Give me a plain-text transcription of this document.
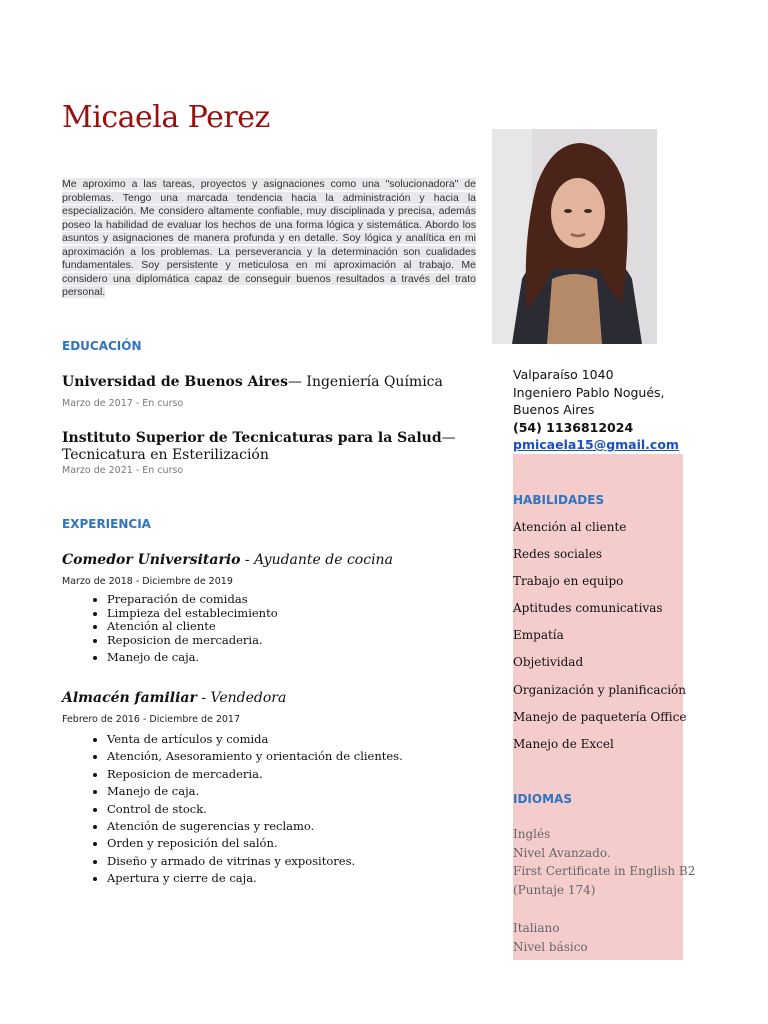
Micaela Perez

Me aproximo a las tareas, proyectos y asignaciones como una "solucionadora" de problemas. Tengo una marcada tendencia hacia la administración y hacia la especialización. Me considero altamente confiable, muy disciplinada y precisa, además poseo la habilidad de evaluar los hechos de una forma lógica y sistemática. Abordo los asuntos y asignaciones de manera profunda y en detalle. Soy lógica y analítica en mi aproximación a los problemas. La perseverancia y la determinación son cualidades fundamentales. Soy persistente y meticulosa en mi aproximación al trabajo. Me considero una diplomática capaz de conseguir buenos resultados a través del trato personal.

EDUCACIÓN

Universidad de Buenos Aires— Ingeniería Química

Marzo de 2017 - En curso

Instituto Superior de Tecnicaturas para la Salud— Tecnicatura en Esterilización

Marzo de 2021 - En curso

EXPERIENCIA

Comedor Universitario - Ayudante de cocina

Marzo de 2018 - Diciembre de 2019

• Preparación de comidas
• Limpieza del establecimiento
• Atención al cliente
• Reposicion de mercaderia.
• Manejo de caja.

Almacén familiar - Vendedora

Febrero de 2016 - Diciembre de 2017

• Venta de artículos y comida
• Atención, Asesoramiento y orientación de clientes.
• Reposicion de mercaderia.
• Manejo de caja.
• Control de stock.
• Atención de sugerencias y reclamo.
• Orden y reposición del salón.
• Diseño y armado de vitrinas y expositores.
• Apertura y cierre de caja.
Valparaíso 1040
Ingeniero Pablo Nogués,
Buenos Aires
(54) 1136812024
pmicaela15@gmail.com
HABILIDADES
Atención al cliente
Redes sociales
Trabajo en equipo
Aptitudes comunicativas
Empatía
Objetividad
Organización y planificación
Manejo de paquetería Office
Manejo de Excel
IDIOMAS
Inglés
Nivel Avanzado.
First Certificate in English B2
(Puntaje 174)
Italiano
Nivel básico
